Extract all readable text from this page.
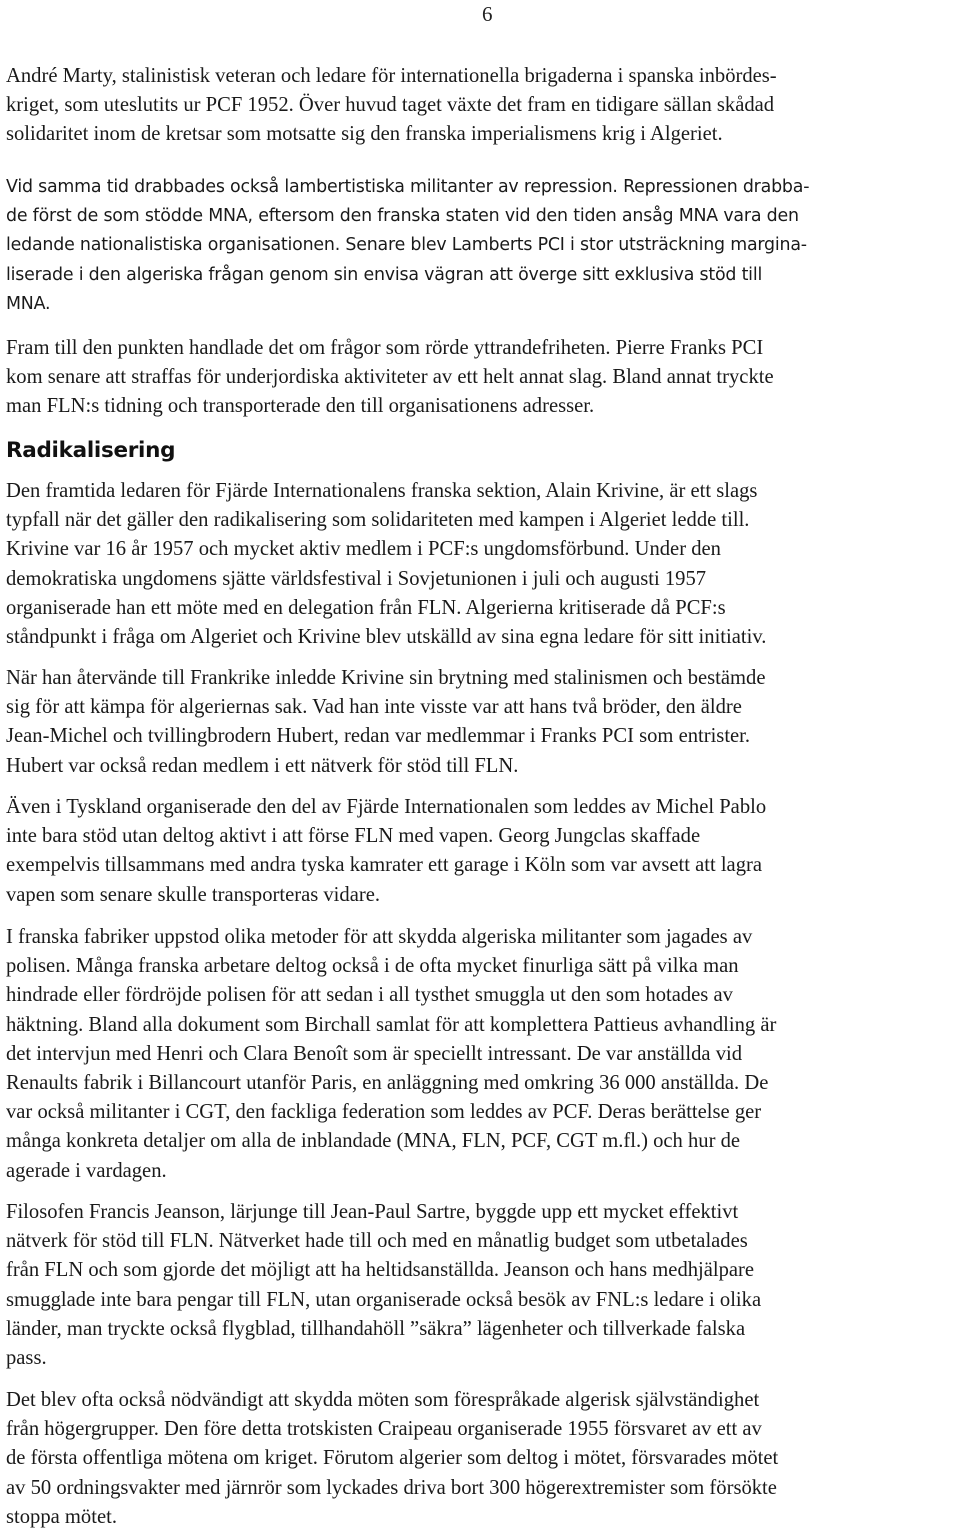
6
André Marty, stalinistisk veteran och ledare för internationella brigaderna i spanska inbördes-
kriget, som uteslutits ur PCF 1952. Över huvud taget växte det fram en tidigare sällan skådad
solidaritet inom de kretsar som motsatte sig den franska imperialismens krig i Algeriet.
Vid samma tid drabbades också lambertistiska militanter av repression. Repressionen drabba-
de först de som stödde MNA, eftersom den franska staten vid den tiden ansåg MNA vara den
ledande nationalistiska organisationen. Senare blev Lamberts PCI i stor utsträckning margina-
liserade i den algeriska frågan genom sin envisa vägran att överge sitt exklusiva stöd till
MNA.
Fram till den punkten handlade det om frågor som rörde yttrandefriheten. Pierre Franks PCI
kom senare att straffas för underjordiska aktiviteter av ett helt annat slag. Bland annat tryckte
man FLN:s tidning och transporterade den till organisationens adresser.
Radikalisering
Den framtida ledaren för Fjärde Internationalens franska sektion, Alain Krivine, är ett slags
typfall när det gäller den radikalisering som solidariteten med kampen i Algeriet ledde till.
Krivine var 16 år 1957 och mycket aktiv medlem i PCF:s ungdomsförbund. Under den
demokratiska ungdomens sjätte världsfestival i Sovjetunionen i juli och augusti 1957
organiserade han ett möte med en delegation från FLN. Algerierna kritiserade då PCF:s
ståndpunkt i fråga om Algeriet och Krivine blev utskälld av sina egna ledare för sitt initiativ.
När han återvände till Frankrike inledde Krivine sin brytning med stalinismen och bestämde
sig för att kämpa för algeriernas sak. Vad han inte visste var att hans två bröder, den äldre
Jean-Michel och tvillingbrodern Hubert, redan var medlemmar i Franks PCI som entrister.
Hubert var också redan medlem i ett nätverk för stöd till FLN.
Även i Tyskland organiserade den del av Fjärde Internationalen som leddes av Michel Pablo
inte bara stöd utan deltog aktivt i att förse FLN med vapen. Georg Jungclas skaffade
exempelvis tillsammans med andra tyska kamrater ett garage i Köln som var avsett att lagra
vapen som senare skulle transporteras vidare.
I franska fabriker uppstod olika metoder för att skydda algeriska militanter som jagades av
polisen. Många franska arbetare deltog också i de ofta mycket finurliga sätt på vilka man
hindrade eller fördröjde polisen för att sedan i all tysthet smuggla ut den som hotades av
häktning. Bland alla dokument som Birchall samlat för att komplettera Pattieus avhandling är
det intervjun med Henri och Clara Benoît som är speciellt intressant. De var anställda vid
Renaults fabrik i Billancourt utanför Paris, en anläggning med omkring 36 000 anställda. De
var också militanter i CGT, den fackliga federation som leddes av PCF. Deras berättelse ger
många konkreta detaljer om alla de inblandade (MNA, FLN, PCF, CGT m.fl.) och hur de
agerade i vardagen.
Filosofen Francis Jeanson, lärjunge till Jean-Paul Sartre, byggde upp ett mycket effektivt
nätverk för stöd till FLN. Nätverket hade till och med en månatlig budget som utbetalades
från FLN och som gjorde det möjligt att ha heltidsanställda. Jeanson och hans medhjälpare
smugglade inte bara pengar till FLN, utan organiserade också besök av FNL:s ledare i olika
länder, man tryckte också flygblad, tillhandahöll ”säkra” lägenheter och tillverkade falska
pass.
Det blev ofta också nödvändigt att skydda möten som förespråkade algerisk självständighet
från högergrupper. Den före detta trotskisten Craipeau organiserade 1955 försvaret av ett av
de första offentliga mötena om kriget. Förutom algerier som deltog i mötet, försvarades mötet
av 50 ordningsvakter med järnrör som lyckades driva bort 300 högerextremister som försökte
stoppa mötet.
